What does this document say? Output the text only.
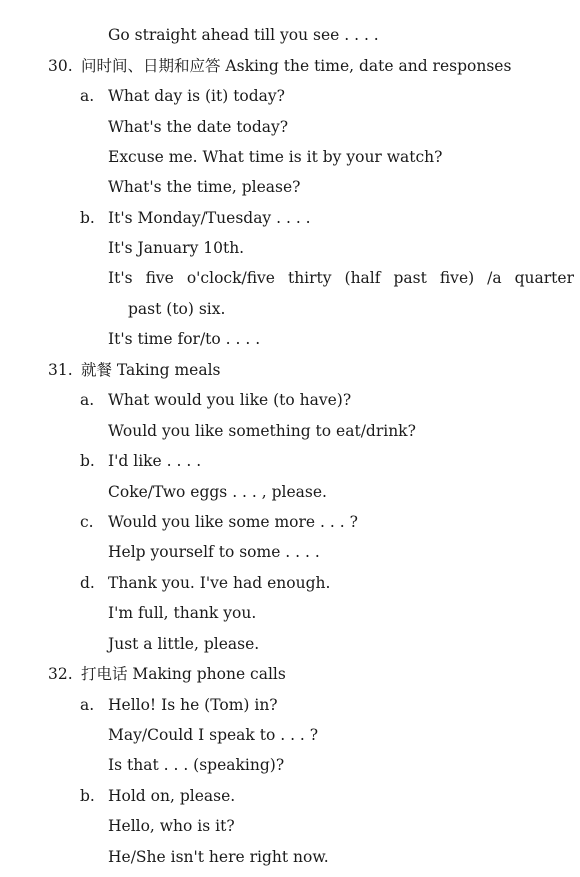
Go straight ahead till you see . . . .
30. 问时间、日期和应答 Asking the time, date and responses
a. What day is (it) today?
What's the date today?
Excuse me. What time is it by your watch?
What's the time, please?
b. It's Monday/Tuesday . . . .
It's January 10th.
It's five o'clock/five thirty (half past five) /a quarter
past (to) six.
It's time for/to . . . .
31. 就餐 Taking meals
a. What would you like (to have)?
Would you like something to eat/drink?
b. I'd like . . . .
Coke/Two eggs . . . , please.
c. Would you like some more . . . ?
Help yourself to some . . . .
d. Thank you. I've had enough.
I'm full, thank you.
Just a little, please.
32. 打电话 Making phone calls
a. Hello! Is he (Tom) in?
May/Could I speak to . . . ?
Is that . . . (speaking)?
b. Hold on, please.
Hello, who is it?
He/She isn't here right now.
